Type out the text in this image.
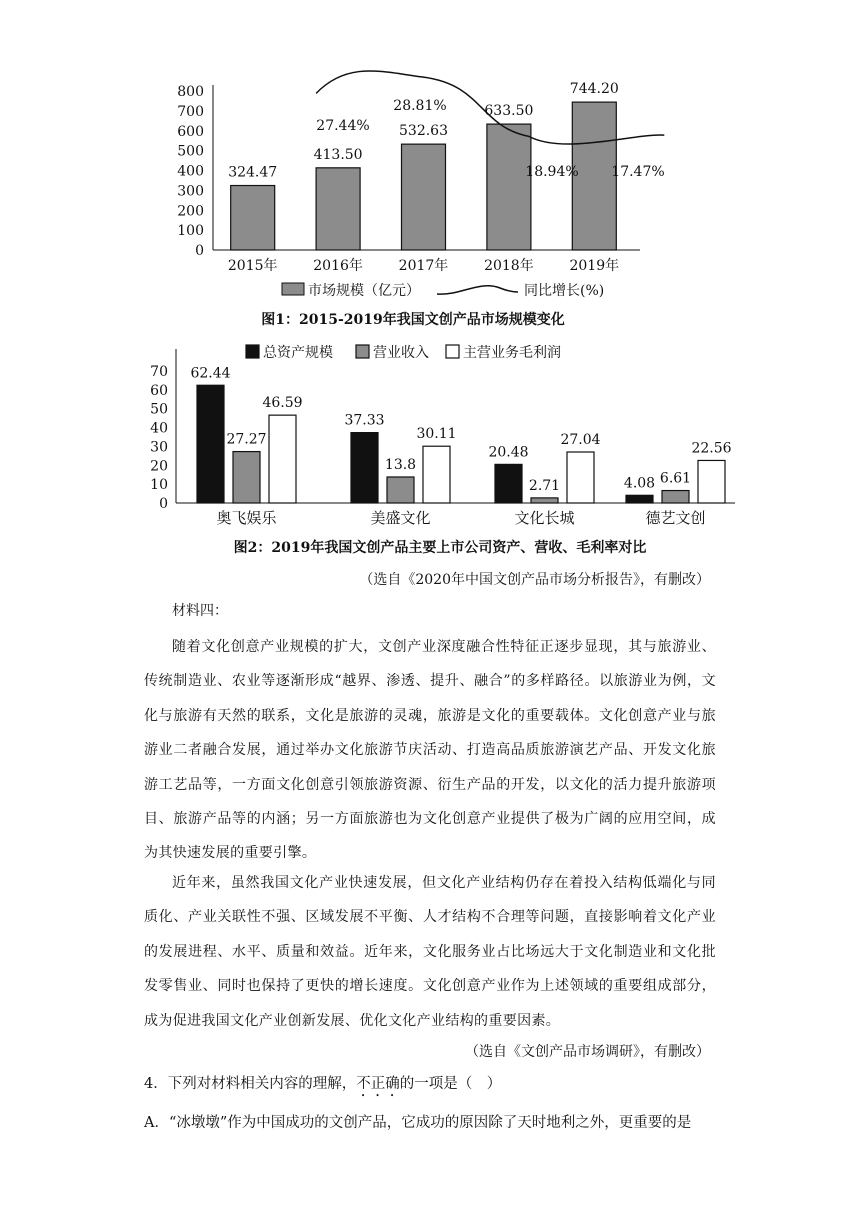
0
100
200
300
400
500
600
700
800
2015年	2016年	2017年	2018年	2019年
324.47
413.50
532.63
633.50
744.20
27.44%
28.81%
18.94% 17.47%
市场规模（亿元）	同比增长(%)
图1：2015-2019年我国文创产品市场规模变化
总资产规模	营业收入 主营业务毛利润
0
10
20
30
40
50
60
70
奥飞娱乐	美盛文化	文化长城	德艺文创
62.44
27.27
46.59
37.33
13.8
30.11
20.48
2.71
27.04
4.08 6.61
22.56
图2：2019年我国文创产品主要上市公司资产、营收、毛利率对比
（选自《2020年中国文创产品市场分析报告》，有删改）

材料四：

随着文化创意产业规模的扩大，文创产业深度融合性特征正逐步显现，其与旅游业、传统制造业、农业等逐渐形成“越界、渗透、提升、融合”的多样路径。以旅游业为例，文化与旅游有天然的联系，文化是旅游的灵魂，旅游是文化的重要载体。文化创意产业与旅游业二者融合发展，通过举办文化旅游节庆活动、打造高品质旅游演艺产品、开发文化旅游工艺品等，一方面文化创意引领旅游资源、衍生产品的开发，以文化的活力提升旅游项目、旅游产品等的内涵；另一方面旅游也为文化创意产业提供了极为广阔的应用空间，成为其快速发展的重要引擎。

近年来，虽然我国文化产业快速发展，但文化产业结构仍存在着投入结构低端化与同质化、产业关联性不强、区域发展不平衡、人才结构不合理等问题，直接影响着文化产业的发展进程、水平、质量和效益。近年来，文化服务业占比场远大于文化制造业和文化批发零售业、同时也保持了更快的增长速度。文化创意产业作为上述领域的重要组成部分，成为促进我国文化产业创新发展、优化文化产业结构的重要因素。

（选自《文创产品市场调研》，有删改）
4．下列对材料相关内容的理解，不正确的一项是（　）
A．“冰墩墩”作为中国成功的文创产品，它成功的原因除了天时地利之外，更重要的是
